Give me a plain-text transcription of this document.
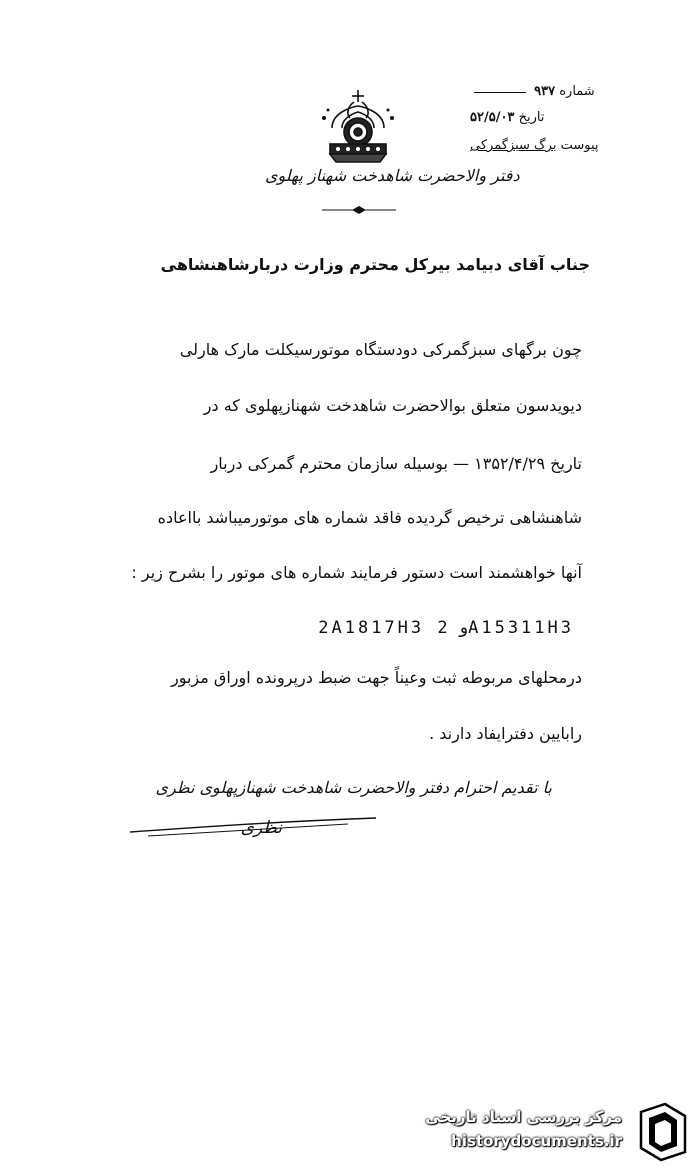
شماره ۹۳۷
تاریخ ۵۲/۵/۰۳
پیوست برگ سبزگمرکی
دفتر والاحضرت شاهدخت شهناز پهلوی
جناب آقای دبیامد بیرکل محترم وزارت دربارشاهنشاهی
چون برگهای سبزگمرکی دودستگاه موتورسیکلت مارک هارلی
دیویدسون متعلق بوالاحضرت شاهدخت شهنازپهلوی که در
تاریخ ۱۳۵۲/۴/۲۹ — بوسیله سازمان محترم گمرکی دربار
شاهنشاهی ترخیص گردیده فاقد شماره های موتورمیباشد بااعاده
آنها خواهشمند است دستور فرمایند شماره های موتور را بشرح زیر :
2A1817H3 و 2A15311H3
درمحلهای مربوطه ثبت وعیناً جهت ضبط درپرونده اوراق مزبور
رابایین دفترایفاد دارند .
با تقدیم احترام دفتر والاحضرت شاهدخت شهنازپهلوی نظری
نظری
مرکز بررسی اسناد تاریخی
historydocuments.ir
